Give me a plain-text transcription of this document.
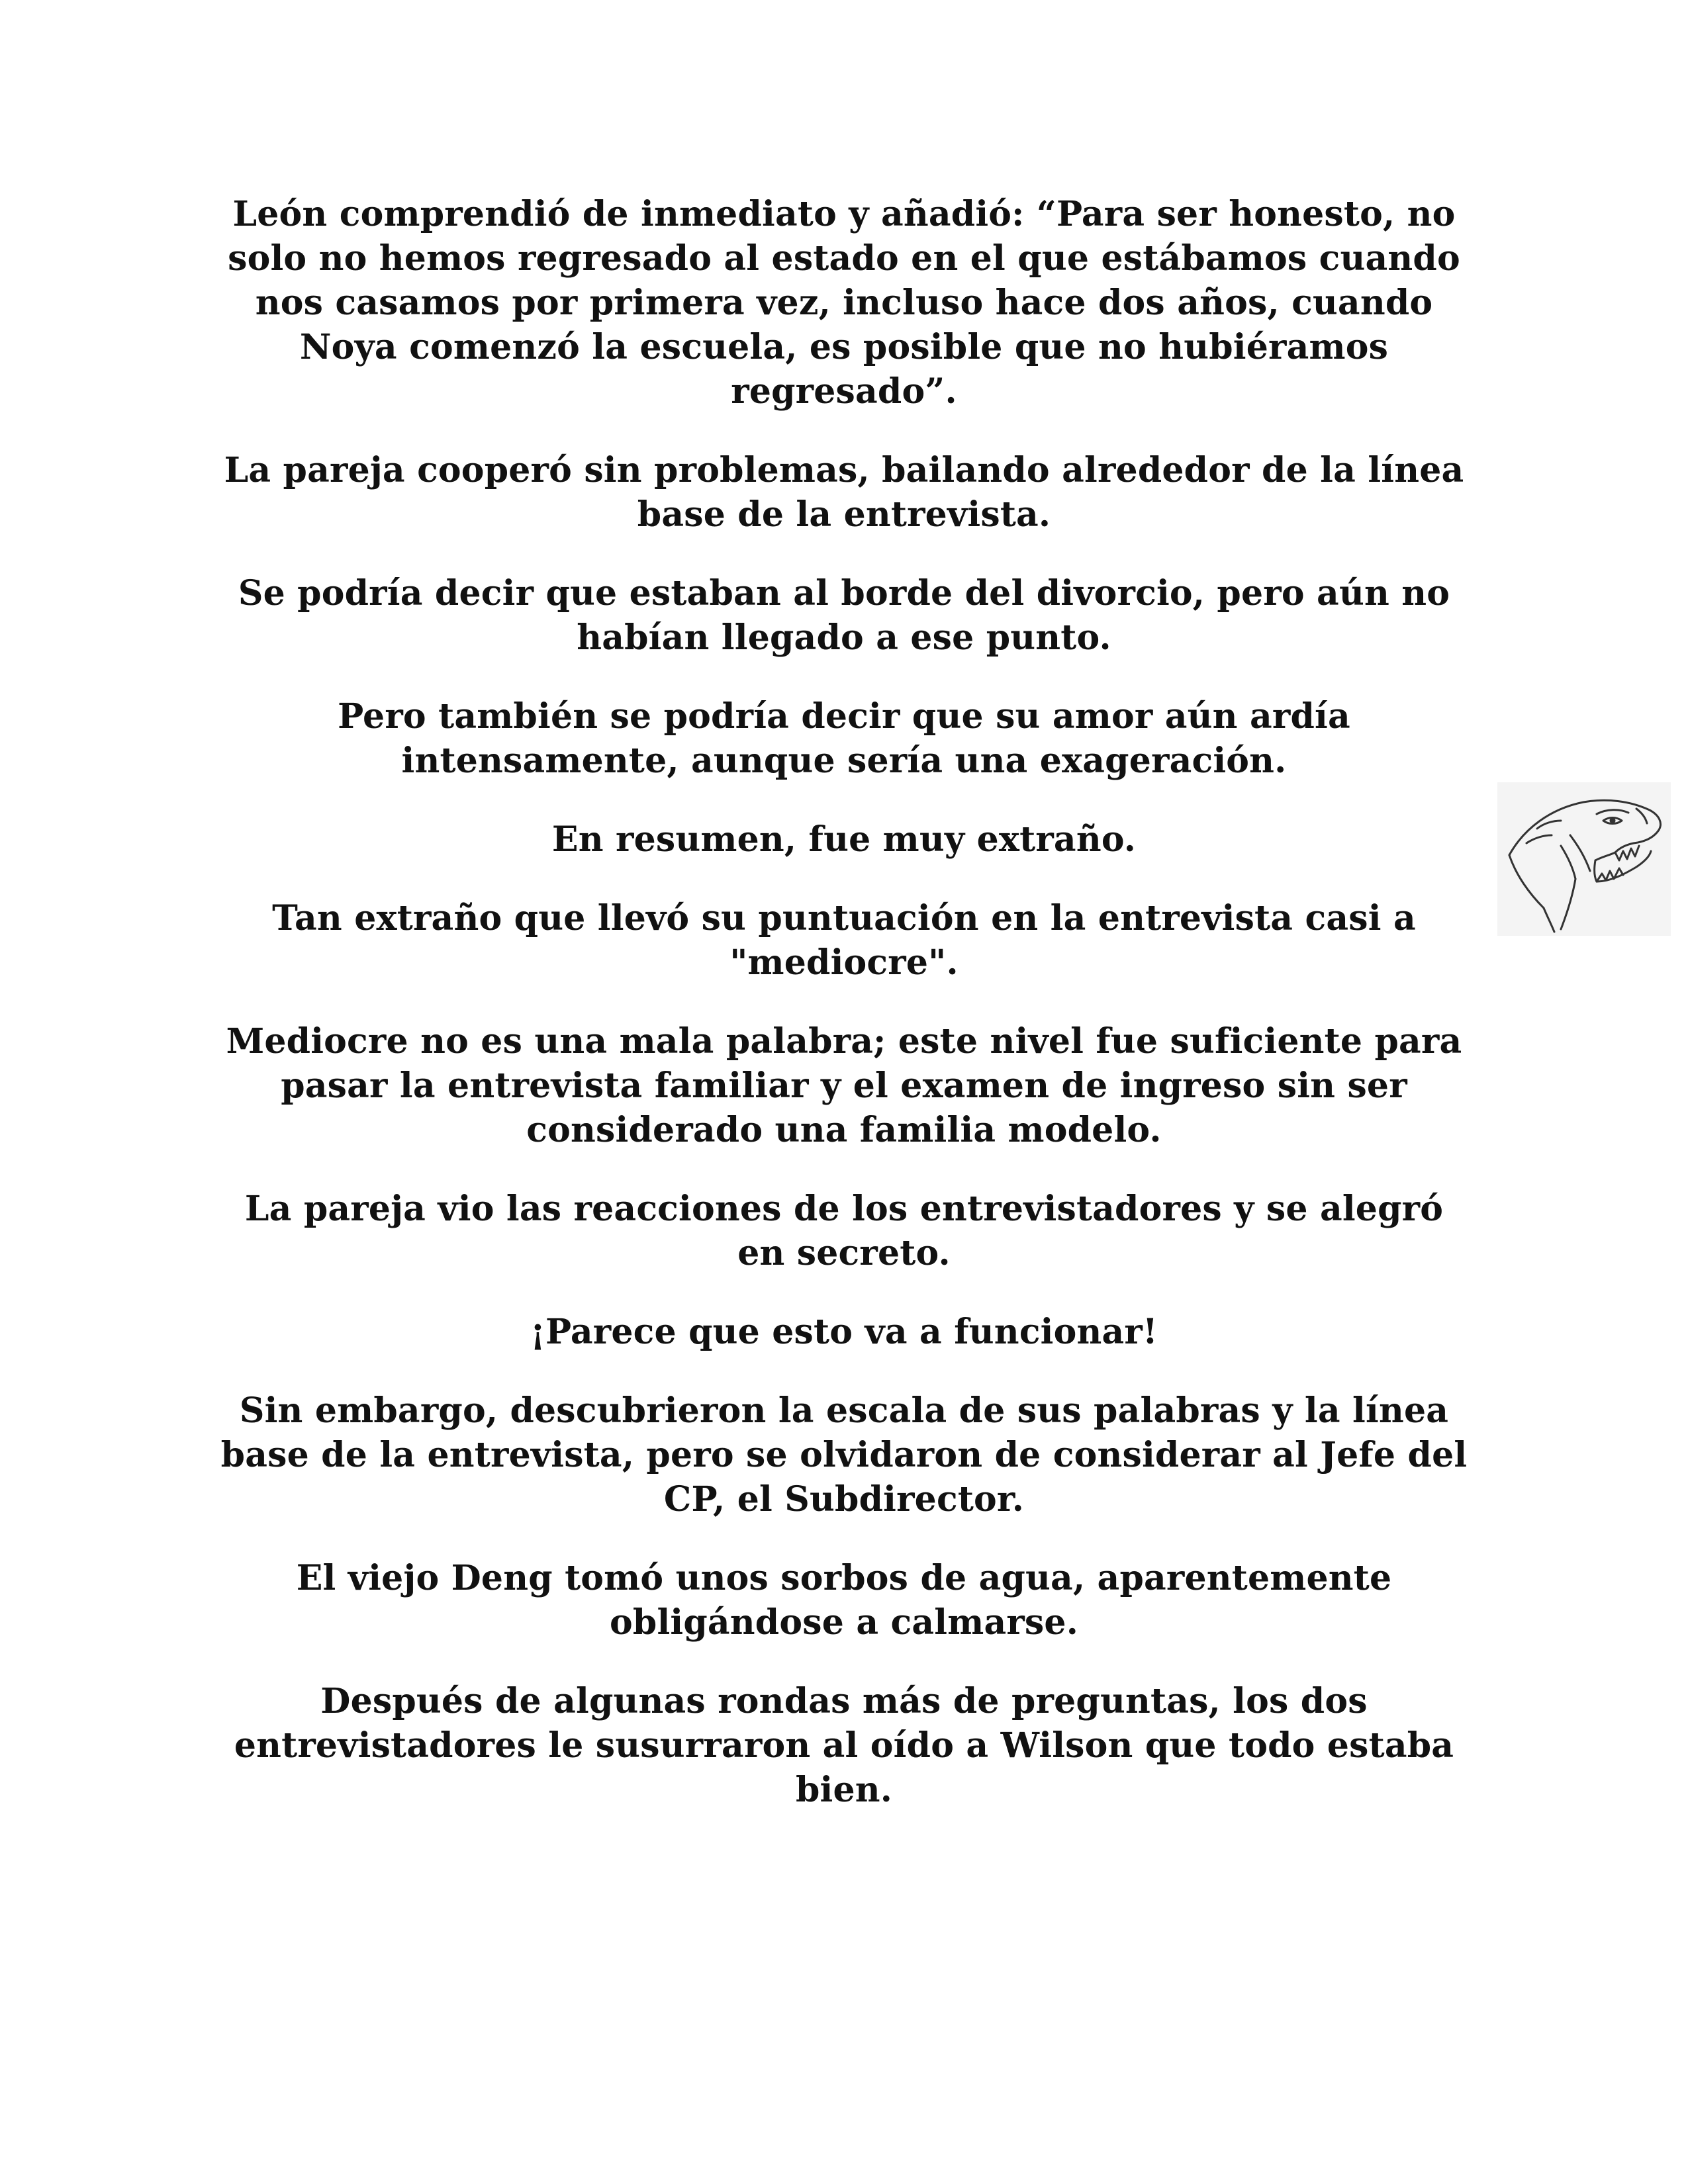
León comprendió de inmediato y añadió: “Para ser honesto, no solo no hemos regresado al estado en el que estábamos cuando nos casamos por primera vez, incluso hace dos años, cuando Noya comenzó la escuela, es posible que no hubiéramos regresado”.

La pareja cooperó sin problemas, bailando alrededor de la línea base de la entrevista.

Se podría decir que estaban al borde del divorcio, pero aún no habían llegado a ese punto.

Pero también se podría decir que su amor aún ardía intensamente, aunque sería una exageración.

En resumen, fue muy extraño.

Tan extraño que llevó su puntuación en la entrevista casi a "mediocre".

Mediocre no es una mala palabra; este nivel fue suficiente para pasar la entrevista familiar y el examen de ingreso sin ser considerado una familia modelo.

La pareja vio las reacciones de los entrevistadores y se alegró en secreto.

¡Parece que esto va a funcionar!

Sin embargo, descubrieron la escala de sus palabras y la línea base de la entrevista, pero se olvidaron de considerar al Jefe del CP, el Subdirector.

El viejo Deng tomó unos sorbos de agua, aparentemente obligándose a calmarse.

Después de algunas rondas más de preguntas, los dos entrevistadores le susurraron al oído a Wilson que todo estaba bien.
